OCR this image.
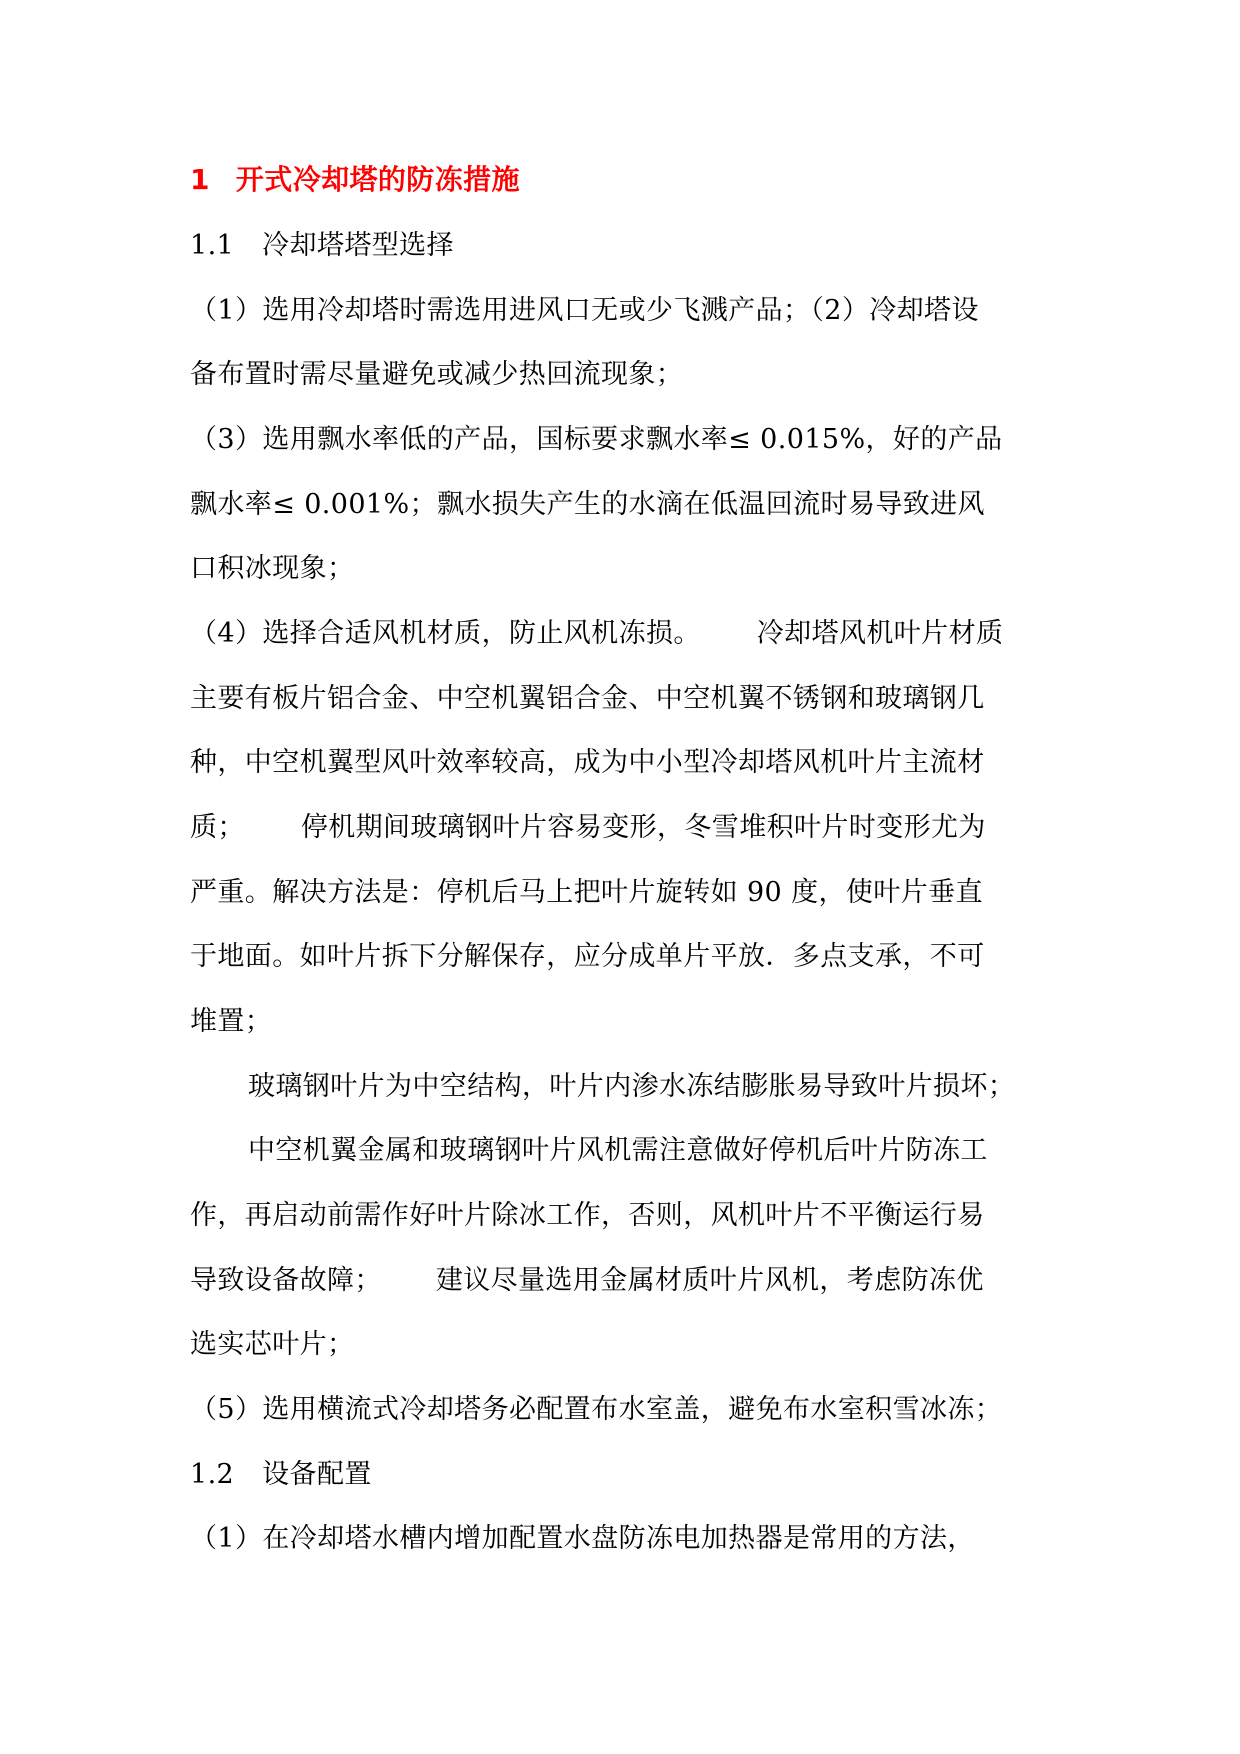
1 开式冷却塔的防冻措施
1.1 冷却塔塔型选择
（1）选用冷却塔时需选用进风口无或少飞溅产品；（2）冷却塔设
备布置时需尽量避免或减少热回流现象；
（3）选用飘水率低的产品，国标要求飘水率≤ 0.015%，好的产品
飘水率≤ 0.001%；飘水损失产生的水滴在低温回流时易导致进风
口积冰现象；
（4）选择合适风机材质，防止风机冻损。 冷却塔风机叶片材质
主要有板片铝合金、中空机翼铝合金、中空机翼不锈钢和玻璃钢几
种，中空机翼型风叶效率较高，成为中小型冷却塔风机叶片主流材
质； 停机期间玻璃钢叶片容易变形，冬雪堆积叶片时变形尤为
严重。解决方法是：停机后马上把叶片旋转如 90 度，使叶片垂直
于地面。如叶片拆下分解保存，应分成单片平放．多点支承，不可
堆置；
玻璃钢叶片为中空结构，叶片内渗水冻结膨胀易导致叶片损坏；
中空机翼金属和玻璃钢叶片风机需注意做好停机后叶片防冻工
作，再启动前需作好叶片除冰工作，否则，风机叶片不平衡运行易
导致设备故障； 建议尽量选用金属材质叶片风机，考虑防冻优
选实芯叶片；
（5）选用横流式冷却塔务必配置布水室盖，避免布水室积雪冰冻；
1.2 设备配置
（1）在冷却塔水槽内增加配置水盘防冻电加热器是常用的方法，
